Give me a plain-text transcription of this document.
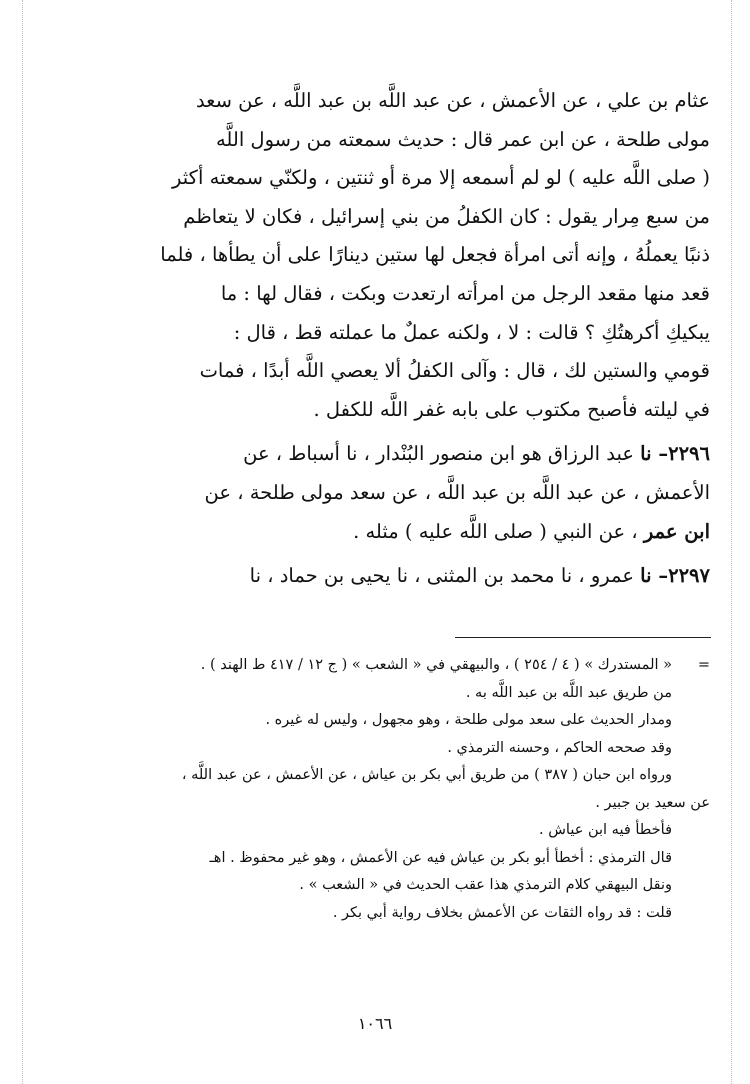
عثام بن علي ، عن الأعمش ، عن عبد اللَّه بن عبد اللَّه ، عن سعد
مولى طلحة ، عن ابن عمر قال : حديث سمعته من رسول اللَّه
( صلى اللَّه عليه ) لو لم أسمعه إلا مرة أو ثنتين ، ولكنّي سمعته أكثر
من سبع مِرار يقول : كان الكفلُ من بني إسرائيل ، فكان لا يتعاظم
ذنبًا يعملُهُ ، وإنه أتى امرأة فجعل لها ستين دينارًا على أن يطأها ، فلما
قعد منها مقعد الرجل من امرأته ارتعدت وبكت ، فقال لها : ما
يبكيكِ أكرهتُكِ ؟ قالت : لا ، ولكنه عملٌ ما عملته قط ، قال :
قومي والستين لك ، قال : وآلى الكفلُ ألا يعصي اللَّه أبدًا ، فمات
في ليلته فأصبح مكتوب على بابه غفر اللَّه للكفل .

٢٢٩٦– نا عبد الرزاق هو ابن منصور البُنْدار ، نا أسباط ، عن
الأعمش ، عن عبد اللَّه بن عبد اللَّه ، عن سعد مولى طلحة ، عن
ابن عمر ، عن النبي ( صلى اللَّه عليه ) مثله .

٢٢٩٧– نا عمرو ، نا محمد بن المثنى ، نا يحيى بن حماد ، نا

=« المستدرك » ( ٤ / ٢٥٤ ) ، والبيهقي في « الشعب » ( ج ١٢ / ٤١٧ ط الهند ) .
من طريق عبد اللَّه بن عبد اللَّه به .
ومدار الحديث على سعد مولى طلحة ، وهو مجهول ، وليس له غيره .
وقد صححه الحاكم ، وحسنه الترمذي .
ورواه ابن حبان ( ٣٨٧ ) من طريق أبي بكر بن عياش ، عن الأعمش ، عن عبد اللَّه ،
عن سعيد بن جبير .
فأخطأ فيه ابن عياش .
قال الترمذي : أخطأ أبو بكر بن عياش فيه عن الأعمش ، وهو غير محفوظ . اهـ
ونقل البيهقي كلام الترمذي هذا عقب الحديث في « الشعب » .
قلت : قد رواه الثقات عن الأعمش بخلاف رواية أبي بكر .
١٠٦٦
